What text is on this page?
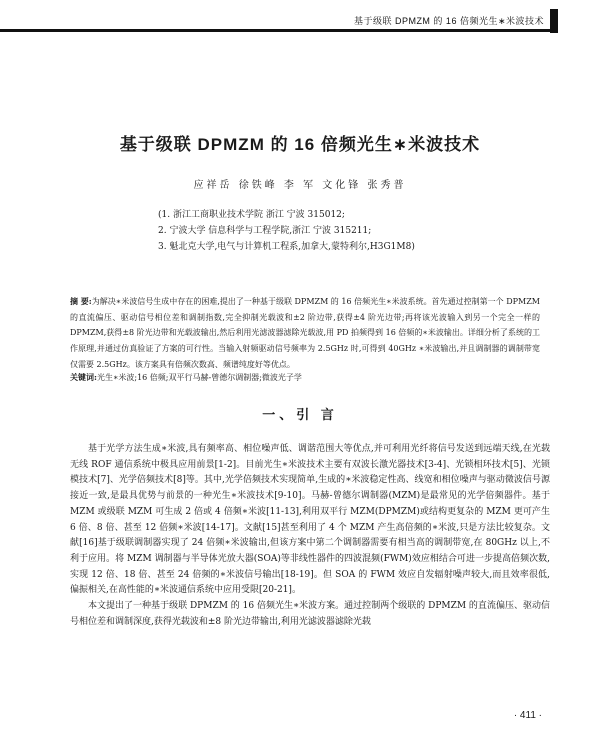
基于级联 DPMZM 的 16 倍频光生∗米波技术
基于级联 DPMZM 的 16 倍频光生∗米波技术
应祥岳 徐铁峰 李 军 文化锋 张秀普
(1. 浙江工商职业技术学院 浙江 宁波 315012;
2. 宁波大学 信息科学与工程学院,浙江 宁波 315211;
3. 魁北克大学,电气与计算机工程系,加拿大,蒙特利尔,H3G1M8)
摘 要:为解决∗米波信号生成中存在的困难,提出了一种基于级联 DPMZM 的 16 倍频光生∗米波系统。首先通过控制第一个 DPMZM 的直流偏压、驱动信号相位差和调制指数,完全抑制光载波和±2 阶边带,获得±4 阶光边带;再将该光波输入到另一个完全一样的 DPMZM,获得±8 阶光边带和光载波输出,然后利用光滤波器滤除光载波,用 PD 拍频得到 16 倍频的∗米波输出。详细分析了系统的工作原理,并通过仿真验证了方案的可行性。当输入射频驱动信号频率为 2.5GHz 时,可得到 40GHz ∗米波输出,并且调制器的调制带宽仅需要 2.5GHz。该方案具有倍频次数高、频谱纯度好等优点。
关键词:光生∗米波;16 倍频;双平行马赫-曾德尔调制器;微波光子学
一、引 言

基于光学方法生成∗米波,具有频率高、相位噪声低、调谐范围大等优点,并可利用光纤将信号发送到远端天线,在光载无线 ROF 通信系统中极具应用前景[1-2]。目前光生∗米波技术主要有双波长激光器技术[3-4]、光锁相环技术[5]、光锁模技术[7]、光学倍频技术[8]等。其中,光学倍频技术实现简单,生成的∗米波稳定性高、线宽和相位噪声与驱动微波信号源接近一致,是最具优势与前景的一种光生∗米波技术[9-10]。马赫-曾德尔调制器(MZM)是最常见的光学倍频器件。基于 MZM 或级联 MZM 可生成 2 倍或 4 倍频∗米波[11-13],利用双平行 MZM(DPMZM)或结构更复杂的 MZM 更可产生 6 倍、8 倍、甚至 12 倍频∗米波[14-17]。文献[15]甚至利用了 4 个 MZM 产生高倍频的∗米波,只是方法比较复杂。文献[16]基于级联调制器实现了 24 倍频∗米波输出,但该方案中第二个调制器需要有相当高的调制带宽,在 80GHz 以上,不利于应用。将 MZM 调制器与半导体光放大器(SOA)等非线性器件的四波混频(FWM)效应相结合可进一步提高倍频次数,实现 12 倍、18 倍、甚至 24 倍频的∗米波信号输出[18-19]。但 SOA 的 FWM 效应自发辐射噪声较大,而且效率很低,偏振相关,在高性能的∗米波通信系统中应用受限[20-21]。

本文提出了一种基于级联 DPMZM 的 16 倍频光生∗米波方案。通过控制两个级联的 DPMZM 的直流偏压、驱动信号相位差和调制深度,获得光载波和±8 阶光边带输出,利用光滤波器滤除光载

· 411 ·
